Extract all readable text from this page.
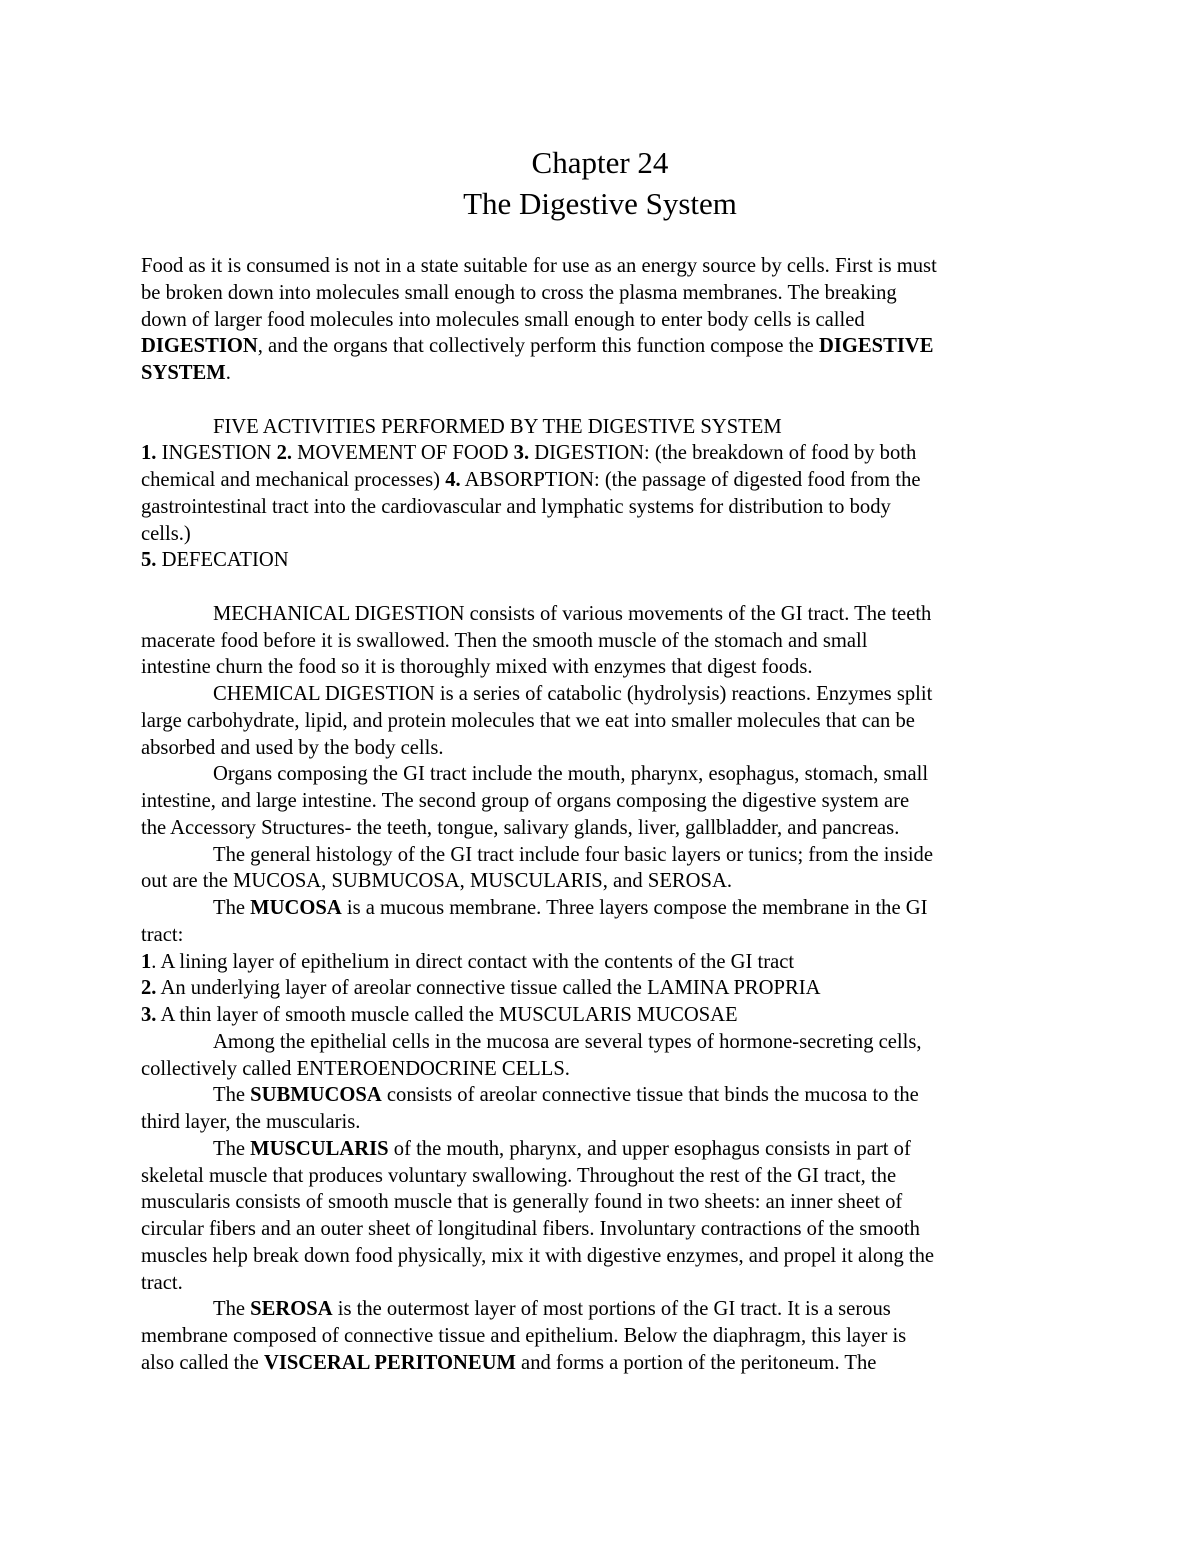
Chapter 24
The Digestive System
Food as it is consumed is not in a state suitable for use as an energy source by cells. First is must
be broken down into molecules small enough to cross the plasma membranes. The breaking
down of larger food molecules into molecules small enough to enter body cells is called
DIGESTION, and the organs that collectively perform this function compose the DIGESTIVE
SYSTEM.
FIVE ACTIVITIES PERFORMED BY THE DIGESTIVE SYSTEM
1. INGESTION 2. MOVEMENT OF FOOD 3. DIGESTION: (the breakdown of food by both
chemical and mechanical processes) 4. ABSORPTION: (the passage of digested food from the
gastrointestinal tract into the cardiovascular and lymphatic systems for distribution to body
cells.)
5. DEFECATION
MECHANICAL DIGESTION consists of various movements of the GI tract. The teeth
macerate food before it is swallowed. Then the smooth muscle of the stomach and small
intestine churn the food so it is thoroughly mixed with enzymes that digest foods.
CHEMICAL DIGESTION is a series of catabolic (hydrolysis) reactions. Enzymes split
large carbohydrate, lipid, and protein molecules that we eat into smaller molecules that can be
absorbed and used by the body cells.
Organs composing the GI tract include the mouth, pharynx, esophagus, stomach, small
intestine, and large intestine. The second group of organs composing the digestive system are
the Accessory Structures- the teeth, tongue, salivary glands, liver, gallbladder, and pancreas.
The general histology of the GI tract include four basic layers or tunics; from the inside
out are the MUCOSA, SUBMUCOSA, MUSCULARIS, and SEROSA.
The MUCOSA is a mucous membrane. Three layers compose the membrane in the GI
tract:
1. A lining layer of epithelium in direct contact with the contents of the GI tract
2. An underlying layer of areolar connective tissue called the LAMINA PROPRIA
3. A thin layer of smooth muscle called the MUSCULARIS MUCOSAE
Among the epithelial cells in the mucosa are several types of hormone-secreting cells,
collectively called ENTEROENDOCRINE CELLS.
The SUBMUCOSA consists of areolar connective tissue that binds the mucosa to the
third layer, the muscularis.
The MUSCULARIS of the mouth, pharynx, and upper esophagus consists in part of
skeletal muscle that produces voluntary swallowing. Throughout the rest of the GI tract, the
muscularis consists of smooth muscle that is generally found in two sheets: an inner sheet of
circular fibers and an outer sheet of longitudinal fibers. Involuntary contractions of the smooth
muscles help break down food physically, mix it with digestive enzymes, and propel it along the
tract.
The SEROSA is the outermost layer of most portions of the GI tract. It is a serous
membrane composed of connective tissue and epithelium. Below the diaphragm, this layer is
also called the VISCERAL PERITONEUM and forms a portion of the peritoneum. The
